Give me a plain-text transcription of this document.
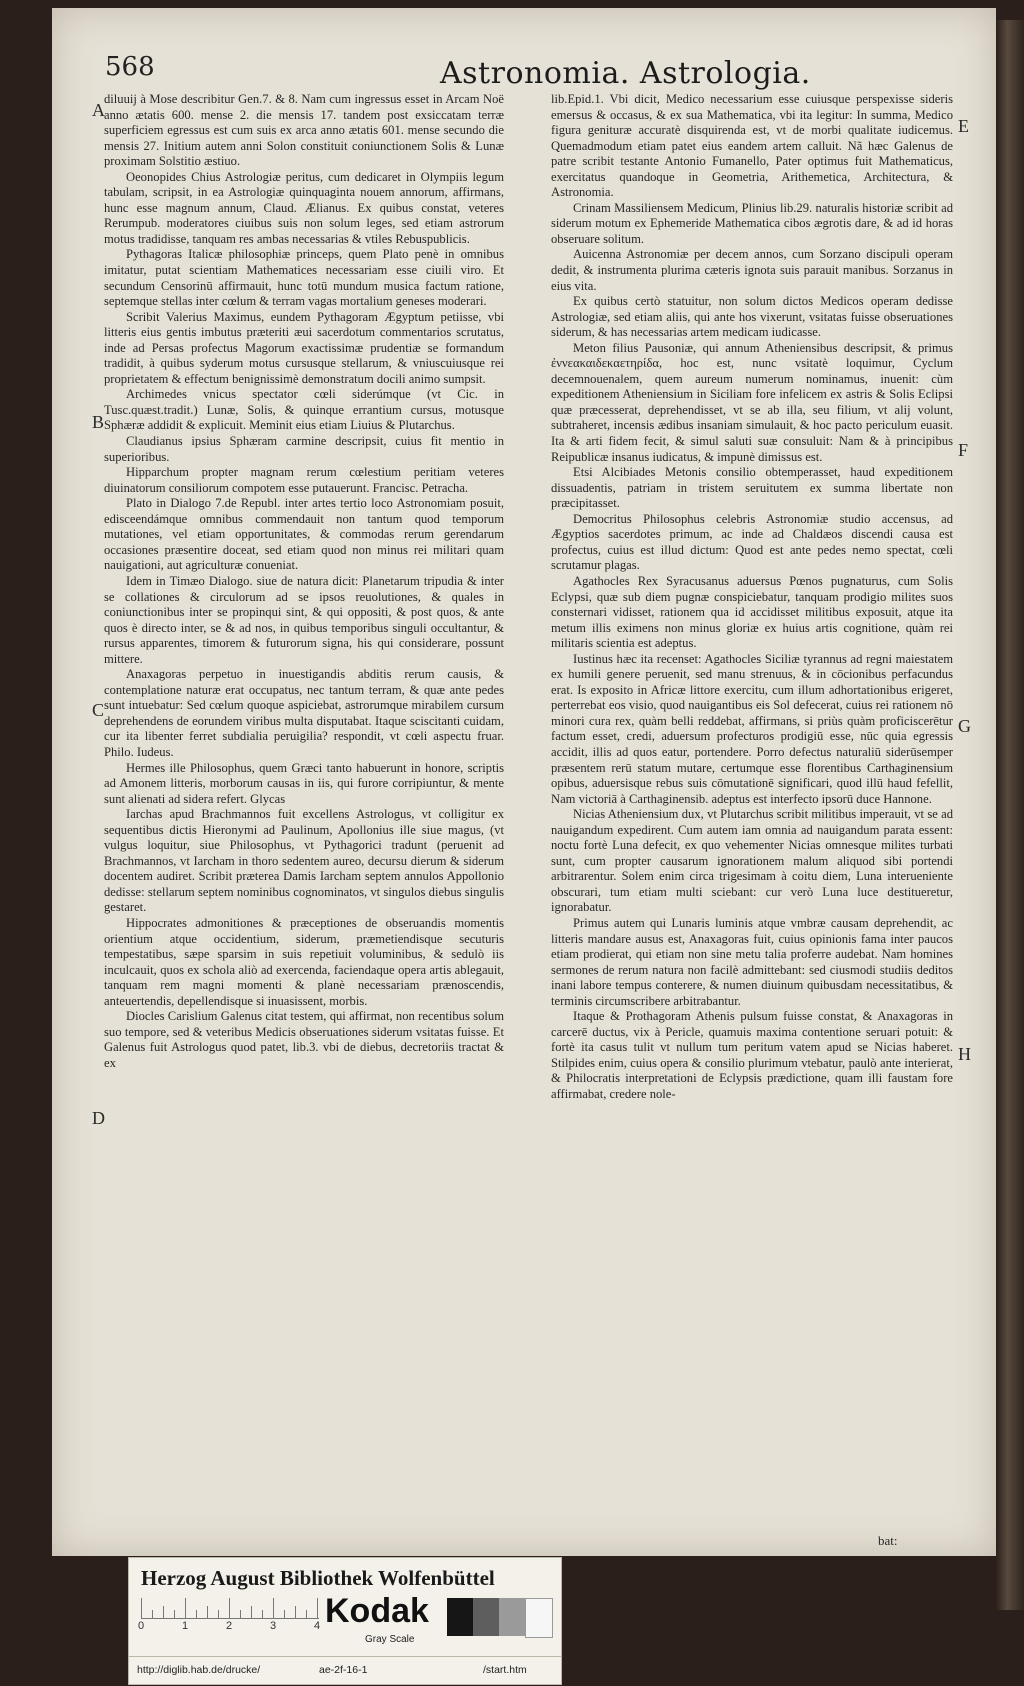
568	Astronomia. Astrologia.

diluuij à Mose describitur Gen.7. & 8. Nam cum ingressus esset in Arcam Noë anno ætatis 600. mense 2. die mensis 17. tandem post exsiccatam terræ superficiem egressus est cum suis ex arca anno ætatis 601. mense secundo die mensis 27. Initium autem anni Solon constituit coniunctionem Solis & Lunæ proximam Solstitio æstiuo.

Oeonopides Chius Astrologiæ peritus, cum dedicaret in Olympiis legum tabulam, scripsit, in ea Astrologiæ quinquaginta nouem annorum, affirmans, hunc esse magnum annum, Claud. Ælianus. Ex quibus constat, veteres Rerumpub. moderatores ciuibus suis non solum leges, sed etiam astrorum motus tradidisse, tanquam res ambas necessarias & vtiles Rebuspublicis.

Pythagoras Italicæ philosophiæ princeps, quem Plato penè in omnibus imitatur, putat scientiam Mathematices necessariam esse ciuili viro. Et secundum Censorinū affirmauit, hunc totū mundum musica factum ratione, septemque stellas inter cœlum & terram vagas mortalium geneses moderari.

Scribit Valerius Maximus, eundem Pythagoram Ægyptum petiisse, vbi litteris eius gentis imbutus præteriti æui sacerdotum commentarios scrutatus, inde ad Persas profectus Magorum exactissimæ prudentiæ se formandum tradidit, à quibus syderum motus cursusque stellarum, & vniuscuiusque rei proprietatem & effectum benignissimè demonstratum docili animo sumpsit.

Archimedes vnicus spectator cœli siderúmque (vt Cic. in Tusc.quæst.tradit.) Lunæ, Solis, & quinque errantium cursus, motusque Sphæræ addidit & explicuit. Meminit eius etiam Liuius & Plutarchus.

Claudianus ipsius Sphæram carmine descripsit, cuius fit mentio in superioribus.

Hipparchum propter magnam rerum cœlestium peritiam veteres diuinatorum consiliorum compotem esse putauerunt. Francisc. Petracha.

Plato in Dialogo 7.de Republ. inter artes tertio loco Astronomiam posuit, edisceendámque omnibus commendauit non tantum quod temporum mutationes, vel etiam opportunitates, & commodas rerum gerendarum occasiones præsentire doceat, sed etiam quod non minus rei militari quam nauigationi, aut agriculturæ conueniat.

Idem in Timæo Dialogo. siue de natura dicit: Planetarum tripudia & inter se collationes & circulorum ad se ipsos reuolutiones, & quales in coniunctionibus inter se propinqui sint, & qui oppositi, & post quos, & ante quos è directo inter, se & ad nos, in quibus temporibus singuli occultantur, & rursus apparentes, timorem & futurorum signa, his qui considerare, possunt mittere.

Anaxagoras perpetuo in inuestigandis abditis rerum causis, & contemplatione naturæ erat occupatus, nec tantum terram, & quæ ante pedes sunt intuebatur: Sed cœlum quoque aspiciebat, astrorumque mirabilem cursum deprehendens de eorundem viribus multa disputabat. Itaque sciscitanti cuidam, cur ita libenter ferret subdialia peruigilia? respondit, vt cœli aspectu fruar. Philo. Iudeus.

Hermes ille Philosophus, quem Græci tanto habuerunt in honore, scriptis ad Amonem litteris, morborum causas in iis, qui furore corripiuntur, & mente sunt alienati ad sidera refert. Glycas

Iarchas apud Brachmannos fuit excellens Astrologus, vt colligitur ex sequentibus dictis Hieronymi ad Paulinum, Apollonius ille siue magus, (vt vulgus loquitur, siue Philosophus, vt Pythagorici tradunt (peruenit ad Brachmannos, vt Iarcham in thoro sedentem aureo, decursu dierum & siderum docentem audiret. Scribit præterea Damis Iarcham septem annulos Appollonio dedisse: stellarum septem nominibus cognominatos, vt singulos diebus singulis gestaret.

Hippocrates admonitiones & præceptiones de obseruandis momentis orientium atque occidentium, siderum, præmetiendisque secuturis tempestatibus, sæpe sparsim in suis repetiuit voluminibus, & sedulò iis inculcauit, quos ex schola aliò ad exercenda, faciendaque opera artis ablegauit, tanquam rem magni momenti & planè necessariam prænoscendis, anteuertendis, depellendisque si inuasissent, morbis.

Diocles Carislium Galenus citat testem, qui affirmat, non recentibus solum suo tempore, sed & veteribus Medicis obseruationes siderum vsitatas fuisse. Et Galenus fuit Astrologus quod patet, lib.3. vbi de diebus, decretoriis tractat & ex

lib.Epid.1. Vbi dicit, Medico necessarium esse cuiusque perspexisse sideris emersus & occasus, & ex sua Mathematica, vbi ita legitur: In summa, Medico figura genituræ accuratè disquirenda est, vt de morbi qualitate iudicemus. Quemadmodum etiam patet eius eandem artem calluit. Nã hæc Galenus de patre scribit testante Antonio Fumanello, Pater optimus fuit Mathematicus, exercitatus quandoque in Geometria, Arithemetica, Architectura, & Astronomia.

Crinam Massiliensem Medicum, Plinius lib.29. naturalis historiæ scribit ad siderum motum ex Ephemeride Mathematica cibos ægrotis dare, & ad id horas obseruare solitum.

Auicenna Astronomiæ per decem annos, cum Sorzano discipuli operam dedit, & instrumenta plurima cæteris ignota suis parauit manibus. Sorzanus in eius vita.

Ex quibus certò statuitur, non solum dictos Medicos operam dedisse Astrologiæ, sed etiam aliis, qui ante hos vixerunt, vsitatas fuisse obseruationes siderum, & has necessarias artem medicam iudicasse.

Meton filius Pausoniæ, qui annum Atheniensibus descripsit, & primus ἐννεακαιδεκαετηρίδα, hoc est, nunc vsitatè loquimur, Cyclum decemnouenalem, quem aureum numerum nominamus, inuenit: cùm expeditionem Atheniensium in Siciliam fore infelicem ex astris & Solis Eclipsi quæ præcesserat, deprehendisset, vt se ab illa, seu filium, vt alij volunt, subtraheret, incensis ædibus insaniam simulauit, & hoc pacto periculum euasit. Ita & arti fidem fecit, & simul saluti suæ consuluit: Nam & à principibus Reipublicæ insanus iudicatus, & impunè dimissus est.

Etsi Alcibiades Metonis consilio obtemperasset, haud expeditionem dissuadentis, patriam in tristem seruitutem ex summa libertate non præcipitasset.

Democritus Philosophus celebris Astronomiæ studio accensus, ad Ægyptios sacerdotes primum, ac inde ad Chaldæos discendi causa est profectus, cuius est illud dictum: Quod est ante pedes nemo spectat, cœli scrutamur plagas.

Agathocles Rex Syracusanus aduersus Pœnos pugnaturus, cum Solis Eclypsi, quæ sub diem pugnæ conspiciebatur, tanquam prodigio milites suos consternari vidisset, rationem qua id accidisset militibus exposuit, atque ita metum illis eximens non minus gloriæ ex huius artis cognitione, quàm rei militaris scientia est adeptus.

Iustinus hæc ita recenset: Agathocles Siciliæ tyrannus ad regni maiestatem ex humili genere peruenit, sed manu strenuus, & in cōcionibus perfacundus erat. Is exposito in Africæ littore exercitu, cum illum adhortationibus erigeret, perterrebat eos visio, quod nauigantibus eis Sol defecerat, cuius rei rationem nō minori cura rex, quàm belli reddebat, affirmans, si priùs quàm proficiscerētur factum esset, credi, aduersum profecturos prodigiū esse, nūc quia egressis accidit, illis ad quos eatur, portendere. Porro defectus naturaliū siderūsemper præsentem rerū statum mutare, certumque esse florentibus Carthaginensium opibus, aduersisque rebus suis cōmutationē significari, quod illū haud fefellit, Nam victoriā à Carthaginensib. adeptus est interfecto ipsorū duce Hannone.

Nicias Atheniensium dux, vt Plutarchus scribit militibus imperauit, vt se ad nauigandum expedirent. Cum autem iam omnia ad nauigandum parata essent: noctu fortè Luna defecit, ex quo vehementer Nicias omnesque milites turbati sunt, cum propter causarum ignorationem malum aliquod sibi portendi arbitrarentur. Solem enim circa trigesimam à coitu diem, Luna interueniente obscurari, tum etiam multi sciebant: cur verò Luna luce destitueretur, ignorabatur.

Primus autem qui Lunaris luminis atque vmbræ causam deprehendit, ac litteris mandare ausus est, Anaxagoras fuit, cuius opinionis fama inter paucos etiam prodierat, qui etiam non sine metu talia proferre audebat. Nam homines sermones de rerum natura non facilè admittebant: sed ciusmodi studiis deditos inani labore tempus conterere, & numen diuinum quibusdam necessitatibus, & terminis circumscribere arbitrabantur.

Itaque & Prothagoram Athenis pulsum fuisse constat, & Anaxagoras in carcerē ductus, vix à Pericle, quamuis maxima contentione seruari potuit: & fortè ita casus tulit vt nullum tum peritum vatem apud se Nicias haberet. Stilpides enim, cuius opera & consilio plurimum vtebatur, paulò ante interierat, & Philocratis interpretationi de Eclypsis prædictione, quam illi faustam fore affirmabat, credere nole-

A
B
C
D
E
F
G
H
bat:
Herzog August Bibliothek Wolfenbüttel
0	1	2	3	4 Kodak
Gray Scale
http://diglib.hab.de/drucke/	ae-2f-16-1	/start.htm
